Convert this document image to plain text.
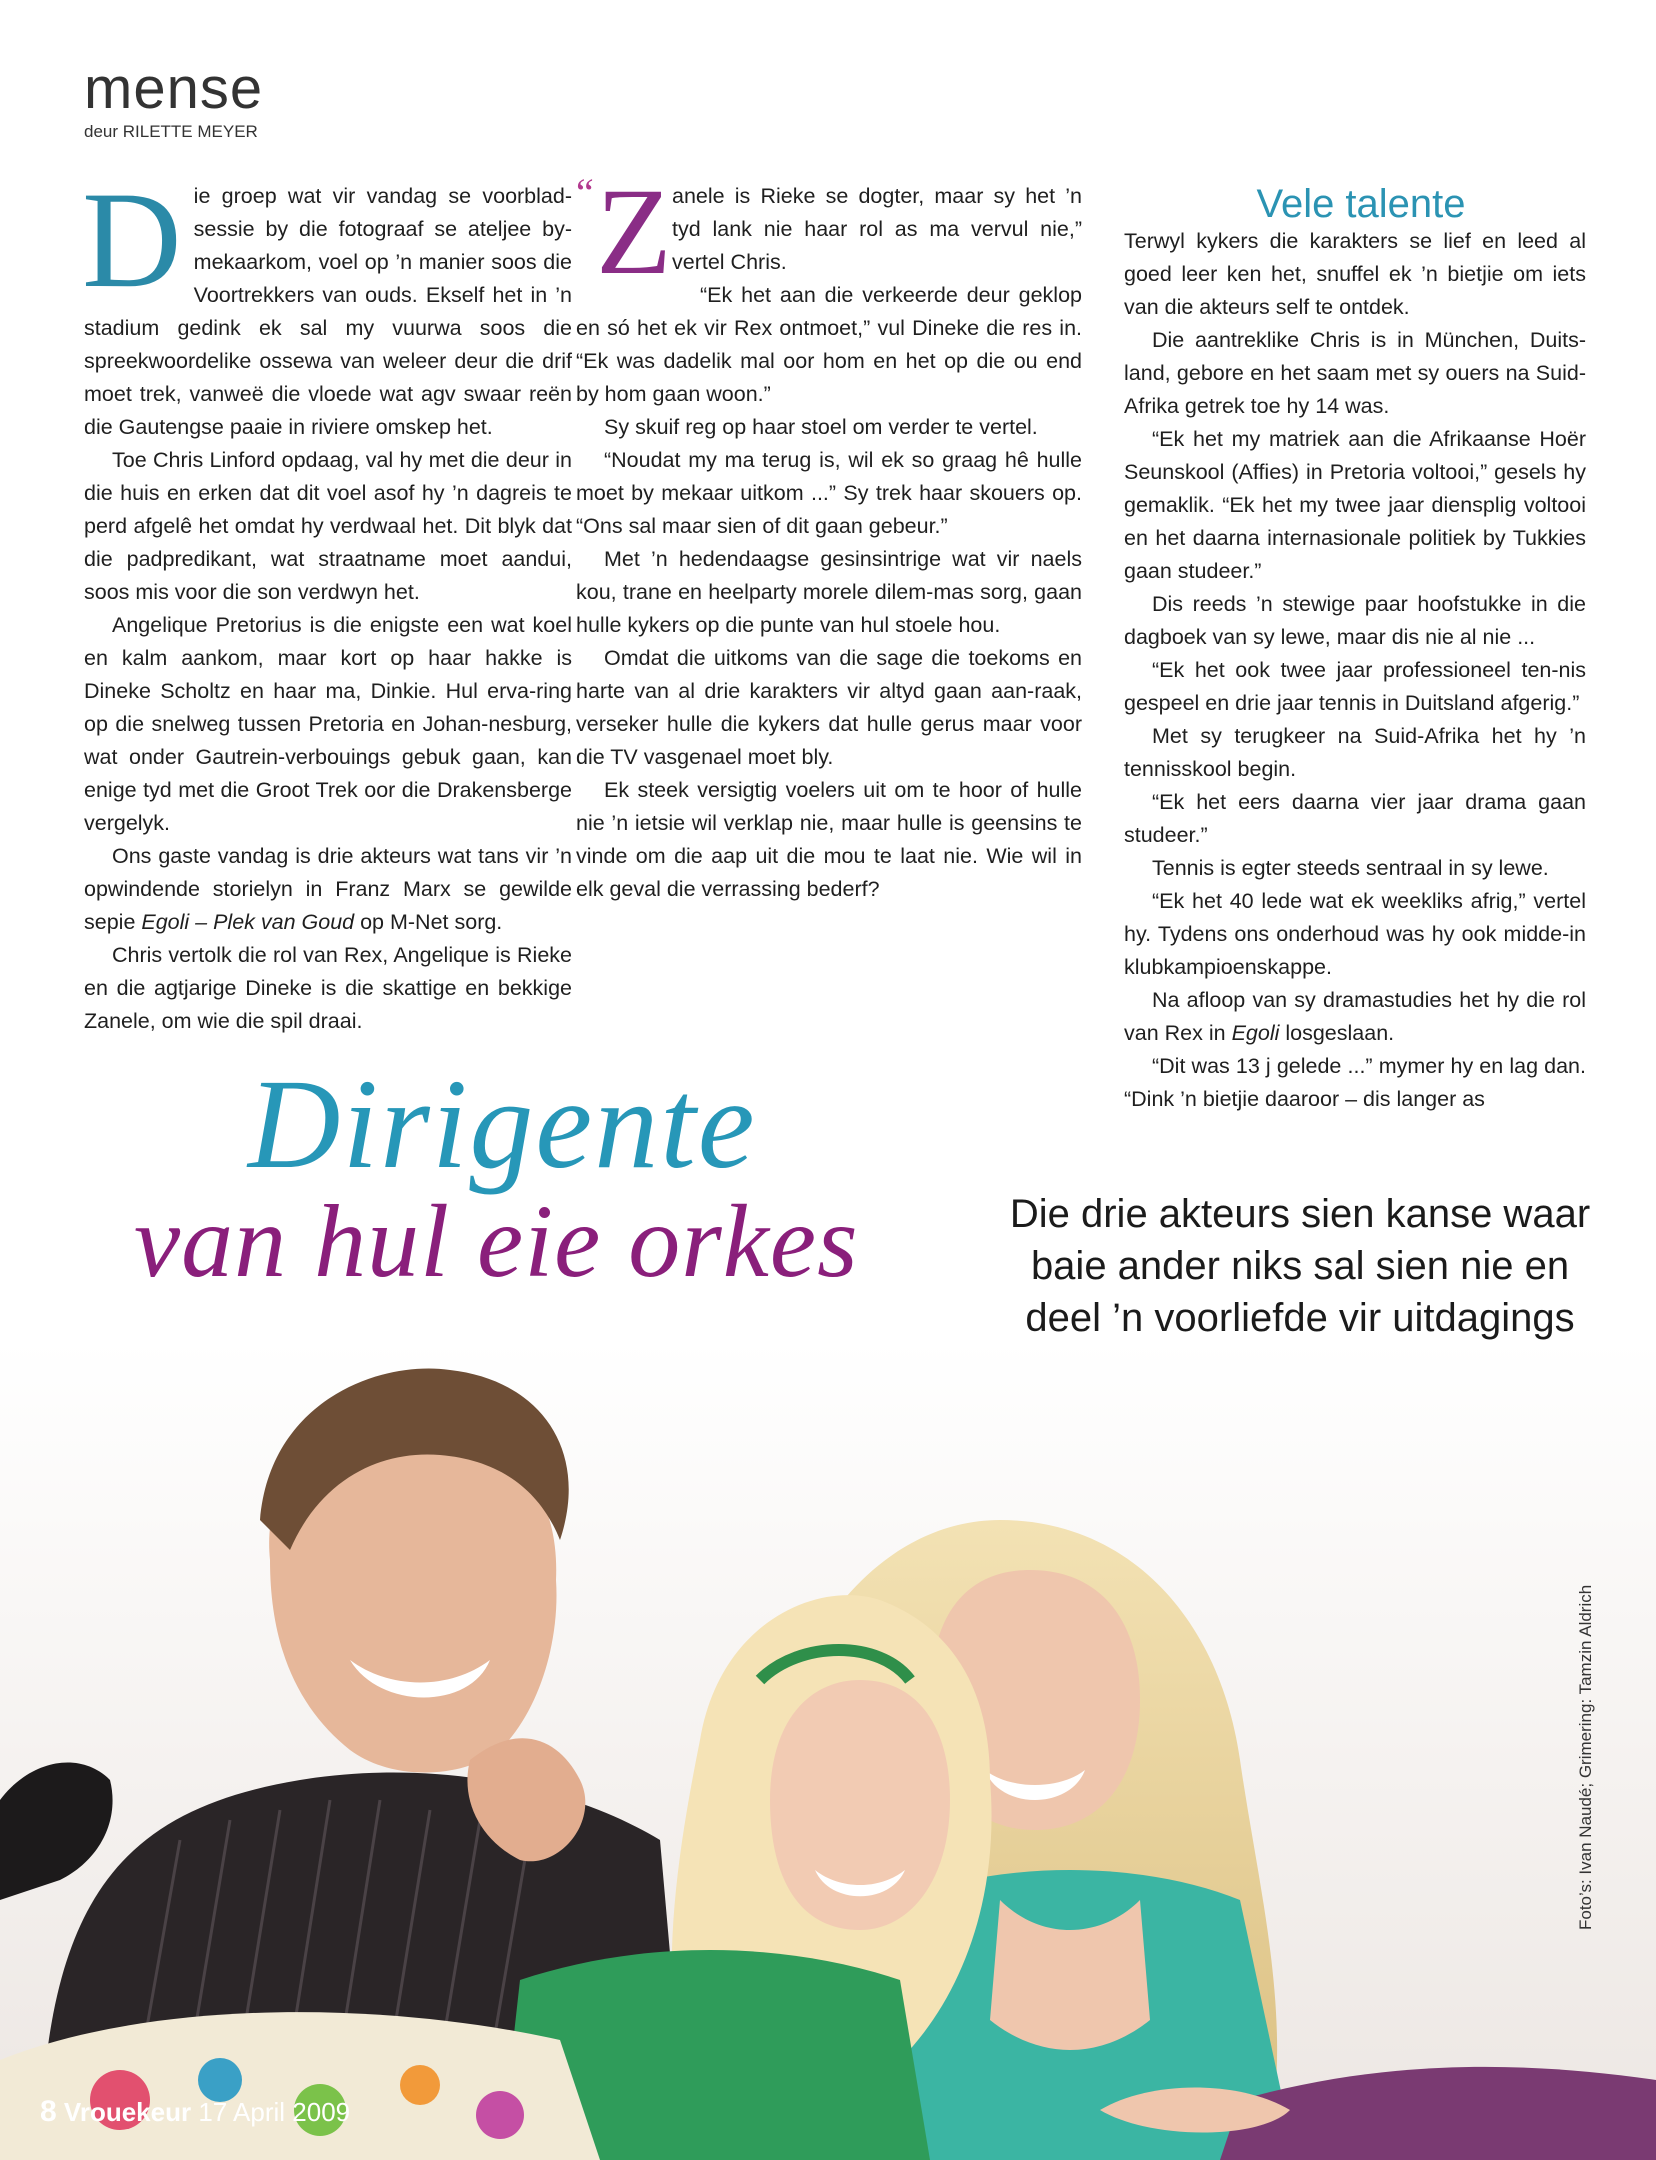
mense
deur RILETTE MEYER

Die groep wat vir vandag se voorblad-sessie by die fotograaf se ateljee by-mekaarkom, voel op ’n manier soos die Voortrekkers van ouds. Ekself het in ’n stadium gedink ek sal my vuurwa soos die spreekwoordelike ossewa van weleer deur die drif moet trek, vanweë die vloede wat agv swaar reën die Gautengse paaie in riviere omskep het.

Toe Chris Linford opdaag, val hy met die deur in die huis en erken dat dit voel asof hy ’n dagreis te perd afgelê het omdat hy verdwaal het. Dit blyk dat die padpredikant, wat straatname moet aandui, soos mis voor die son verdwyn het.

Angelique Pretorius is die enigste een wat koel en kalm aankom, maar kort op haar hakke is Dineke Scholtz en haar ma, Dinkie. Hul erva-ring op die snelweg tussen Pretoria en Johan-nesburg, wat onder Gautrein-verbouings gebuk gaan, kan enige tyd met die Groot Trek oor die Drakensberge vergelyk.

Ons gaste vandag is drie akteurs wat tans vir ’n opwindende storielyn in Franz Marx se gewilde sepie Egoli – Plek van Goud op M-Net sorg.

Chris vertolk die rol van Rex, Angelique is Rieke en die agtjarige Dineke is die skattige en bekkige Zanele, om wie die spil draai.

“ Z anele is Rieke se dogter, maar sy het ’n tyd lank nie haar rol as ma vervul nie,” vertel Chris.

“Ek het aan die verkeerde deur geklop en só het ek vir Rex ontmoet,” vul Dineke die res in. “Ek was dadelik mal oor hom en het op die ou end by hom gaan woon.”

Sy skuif reg op haar stoel om verder te vertel.

“Noudat my ma terug is, wil ek so graag hê hulle moet by mekaar uitkom ...” Sy trek haar skouers op. “Ons sal maar sien of dit gaan gebeur.”

Met ’n hedendaagse gesinsintrige wat vir naels kou, trane en heelparty morele dilem-mas sorg, gaan hulle kykers op die punte van hul stoele hou.

Omdat die uitkoms van die sage die toekoms en harte van al drie karakters vir altyd gaan aan-raak, verseker hulle die kykers dat hulle gerus maar voor die TV vasgenael moet bly.

Ek steek versigtig voelers uit om te hoor of hulle nie ’n ietsie wil verklap nie, maar hulle is geensins te vinde om die aap uit die mou te laat nie. Wie wil in elk geval die verrassing bederf?

Vele talente

Terwyl kykers die karakters se lief en leed al goed leer ken het, snuffel ek ’n bietjie om iets van die akteurs self te ontdek.

Die aantreklike Chris is in München, Duits-land, gebore en het saam met sy ouers na Suid-Afrika getrek toe hy 14 was.

“Ek het my matriek aan die Afrikaanse Hoër Seunskool (Affies) in Pretoria voltooi,” gesels hy gemaklik. “Ek het my twee jaar diensplig voltooi en het daarna internasionale politiek by Tukkies gaan studeer.”

Dis reeds ’n stewige paar hoofstukke in die dagboek van sy lewe, maar dis nie al nie ...

“Ek het ook twee jaar professioneel ten-nis gespeel en drie jaar tennis in Duitsland afgerig.”

Met sy terugkeer na Suid-Afrika het hy ’n tennisskool begin.

“Ek het eers daarna vier jaar drama gaan studeer.”

Tennis is egter steeds sentraal in sy lewe.

“Ek het 40 lede wat ek weekliks afrig,” vertel hy. Tydens ons onderhoud was hy ook midde-in klubkampioenskappe.

Na afloop van sy dramastudies het hy die rol van Rex in Egoli losgeslaan.

“Dit was 13 j gelede ...” mymer hy en lag dan. “Dink ’n bietjie daaroor – dis langer as

Foto’s: Ivan Naudé; Grimering: Tamzin Aldrich
Dirigente
van hul eie orkes	Die drie akteurs sien kanse waar baie ander niks sal sien nie en deel ’n voorliefde vir uitdagings
8 Vrouekeur 17 April 2009
